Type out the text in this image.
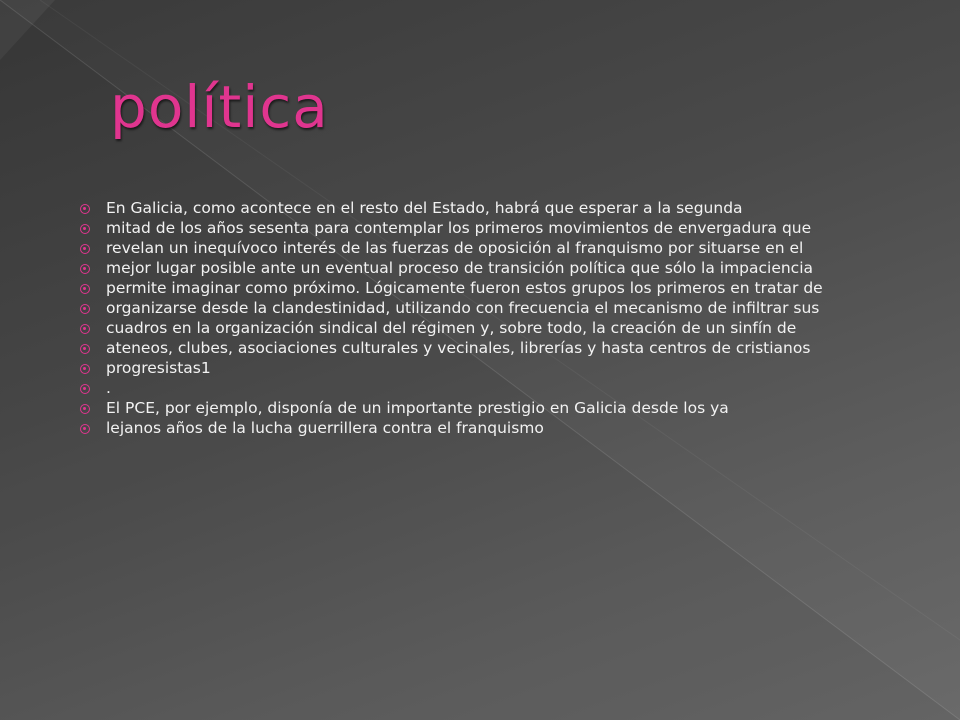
política
En Galicia, como acontece en el resto del Estado, habrá que esperar a la segunda
mitad de los años sesenta para contemplar los primeros movimientos de envergadura que
revelan un inequívoco interés de las fuerzas de oposición al franquismo por situarse en el
mejor lugar posible ante un eventual proceso de transición política que sólo la impaciencia
permite imaginar como próximo. Lógicamente fueron estos grupos los primeros en tratar de
organizarse desde la clandestinidad, utilizando con frecuencia el mecanismo de infiltrar sus
cuadros en la organización sindical del régimen y, sobre todo, la creación de un sinfín de
ateneos, clubes, asociaciones culturales y vecinales, librerías y hasta centros de cristianos
progresistas1
.
El PCE, por ejemplo, disponía de un importante prestigio en Galicia desde los ya
lejanos años de la lucha guerrillera contra el franquismo
